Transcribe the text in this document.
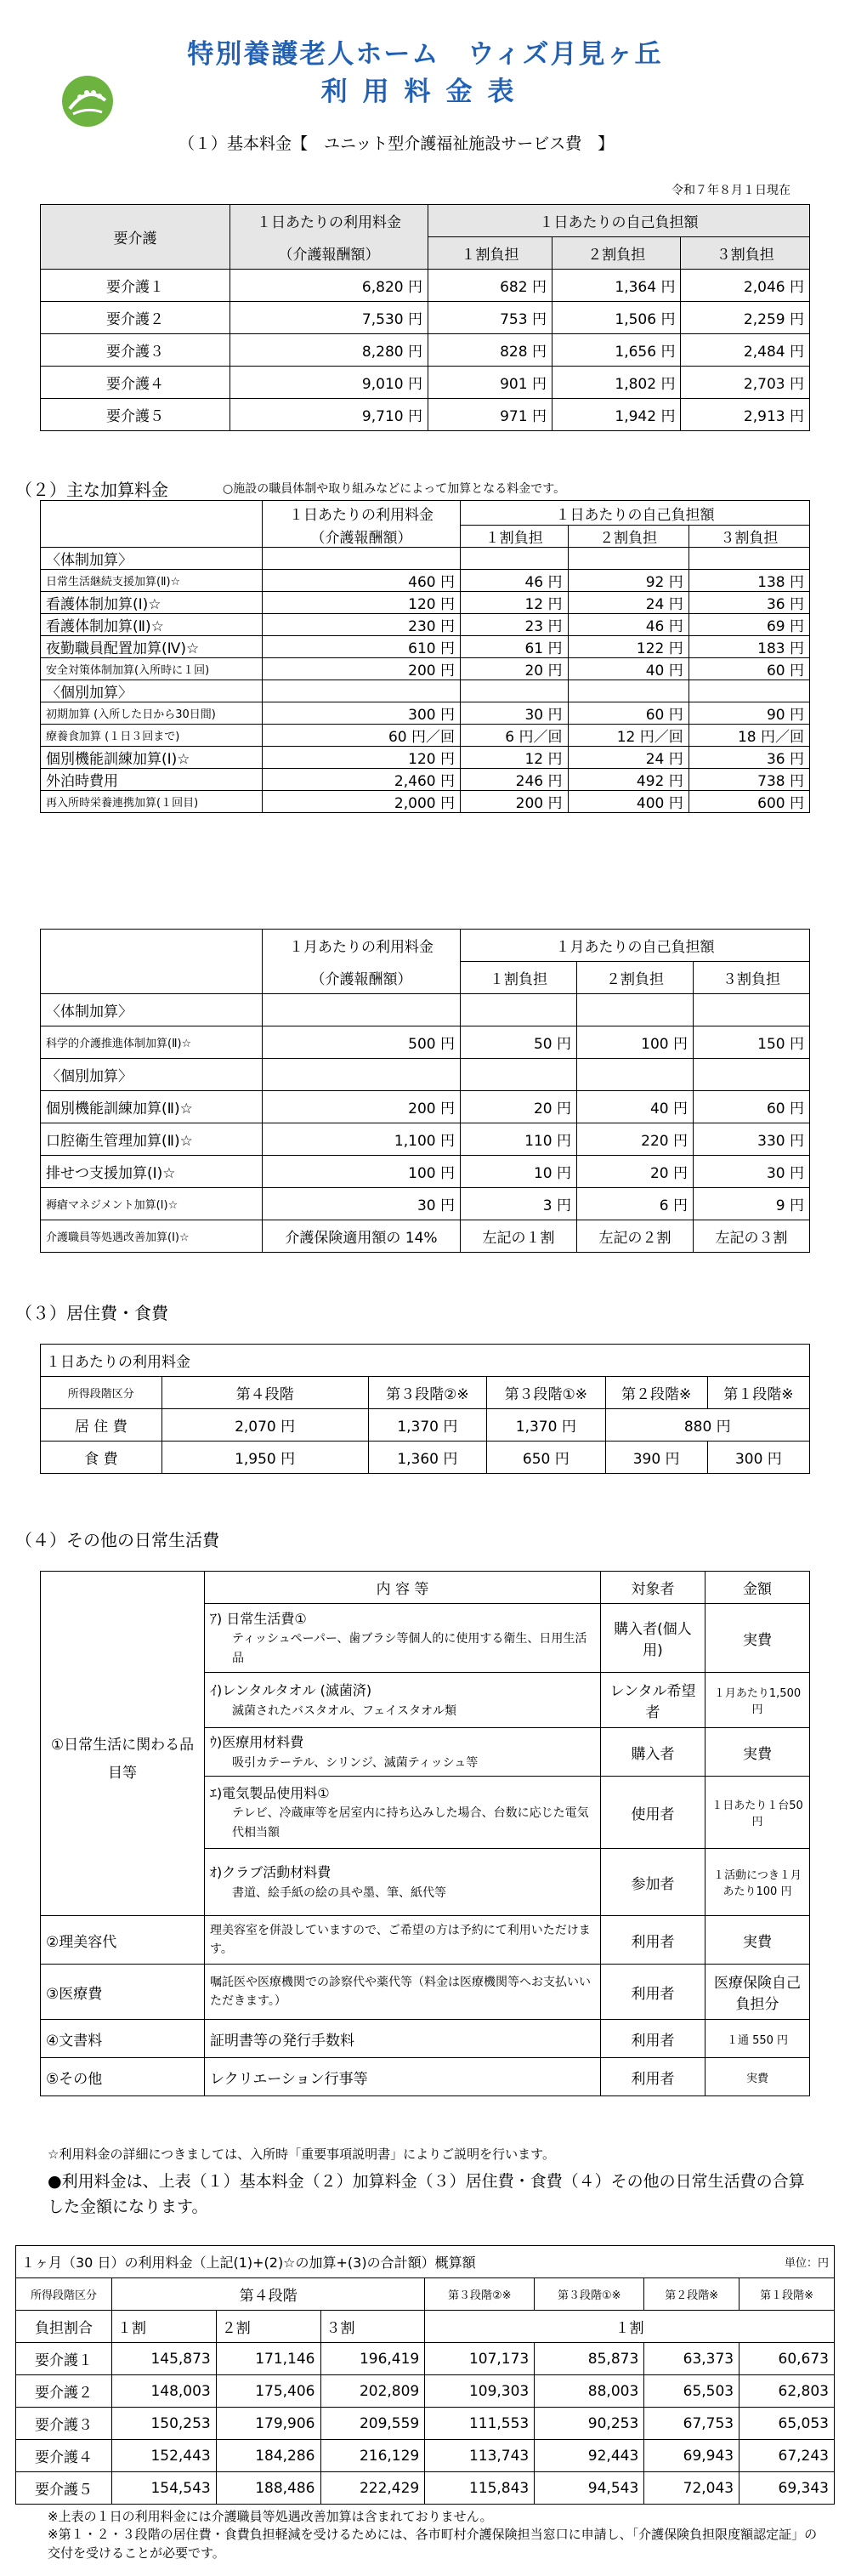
特別養護老人ホーム　ウィズ月見ヶ丘
利用料金表
（１）基本料金【　ユニット型介護福祉施設サービス費　】
令和７年８月１日現在
要介護	１日あたりの利用料金	１日あたりの自己負担額		
	（介護報酬額）	１割負担	２割負担	３割負担
要介護１	6,820 円	682 円	1,364 円	2,046 円
要介護２	7,530 円	753 円	1,506 円	2,259 円
要介護３	8,280 円	828 円	1,656 円	2,484 円
要介護４	9,010 円	901 円	1,802 円	2,703 円
要介護５	9,710 円	971 円	1,942 円	2,913 円
（２）主な加算料金	○施設の職員体制や取り組みなどによって加算となる料金です。
	１日あたりの利用料金	１日あたりの自己負担額		
	（介護報酬額）	１割負担	２割負担	３割負担
〈体制加算〉				
日常生活継続支援加算(Ⅱ)☆	460 円	46 円	92 円	138 円
看護体制加算(Ⅰ)☆	120 円	12 円	24 円	36 円
看護体制加算(Ⅱ)☆	230 円	23 円	46 円	69 円
夜勤職員配置加算(Ⅳ)☆	610 円	61 円	122 円	183 円
安全対策体制加算(入所時に１回)	200 円	20 円	40 円	60 円
〈個別加算〉				
初期加算 (入所した日から30日間)	300 円	30 円	60 円	90 円
療養食加算 (１日３回まで)	60 円／回	6 円／回	12 円／回	18 円／回
個別機能訓練加算(Ⅰ)☆	120 円	12 円	24 円	36 円
外泊時費用	2,460 円	246 円	492 円	738 円
再入所時栄養連携加算(１回目)	2,000 円	200 円	400 円	600 円
	１月あたりの利用料金	１月あたりの自己負担額		
	（介護報酬額）	１割負担	２割負担	３割負担
〈体制加算〉				
科学的介護推進体制加算(Ⅱ)☆	500 円	50 円	100 円	150 円
〈個別加算〉				
個別機能訓練加算(Ⅱ)☆	200 円	20 円	40 円	60 円
口腔衛生管理加算(Ⅱ)☆	1,100 円	110 円	220 円	330 円
排せつ支援加算(Ⅰ)☆	100 円	10 円	20 円	30 円
褥瘡マネジメント加算(Ⅰ)☆	30 円	3 円	6 円	9 円
介護職員等処遇改善加算(Ⅰ)☆	介護保険適用額の 14%	左記の１割	左記の２割	左記の３割
（３）居住費・食費
１日あたりの利用料金					
所得段階区分	第４段階	第３段階②※	第３段階①※	第２段階※	第１段階※
居 住 費	2,070 円	1,370 円	1,370 円	880 円	
食 費	1,950 円	1,360 円	650 円	390 円	300 円
（４）その他の日常生活費
	内 容 等	対象者	金額
①日常生活に関わる品目等	ｱ) 日常生活費①
ティッシュペーパー、歯ブラシ等個人的に使用する衛生、日用生活品	購入者(個人用)	実費

	ｲ)レンタルタオル (滅菌済)
滅菌されたバスタオル、フェイスタオル類	レンタル希望者	１月あたり1,500 円

	ｳ)医療用材料費
吸引カテーテル、シリンジ、滅菌ティッシュ等	購入者	実費

	ｴ)電気製品使用料①
テレビ、冷蔵庫等を居室内に持ち込みした場合、台数に応じた電気代相当額	使用者	１日あたり１台50 円

	ｵ)クラブ活動材料費
書道、絵手紙の絵の具や墨、筆、紙代等	参加者	１活動につき１月あたり100 円
②理美容代	理美容室を併設していますので、ご希望の方は予約にて利用いただけます。	利用者	実費
③医療費	嘱託医や医療機関での診察代や薬代等（料金は医療機関等へお支払いいただきます。）	利用者	医療保険自己負担分
④文書料	証明書等の発行手数料	利用者	１通 550 円
⑤その他	レクリエーション行事等	利用者	実費
☆利用料金の詳細につきましては、入所時「重要事項説明書」によりご説明を行います。
●利用料金は、上表（１）基本料金（２）加算料金（３）居住費・食費（４）その他の日常生活費の合算した金額になります。
１ヶ月（30 日）の利用料金（上記(1)+(2)☆の加算+(3)の合計額）概算額							単位：円
所得段階区分	第４段階			第３段階②※	第３段階①※	第２段階※	第１段階※
負担割合	１割	２割	３割	１割			
要介護１	145,873	171,146	196,419	107,173	85,873	63,373	60,673
要介護２	148,003	175,406	202,809	109,303	88,003	65,503	62,803
要介護３	150,253	179,906	209,559	111,553	90,253	67,753	65,053
要介護４	152,443	184,286	216,129	113,743	92,443	69,943	67,243
要介護５	154,543	188,486	222,429	115,843	94,543	72,043	69,343
※上表の１日の利用料金には介護職員等処遇改善加算は含まれておりません。
※第１・２・３段階の居住費・食費負担軽減を受けるためには、各市町村介護保険担当窓口に申請し、「介護保険負担限度額認定証」の交付を受けることが必要です。
